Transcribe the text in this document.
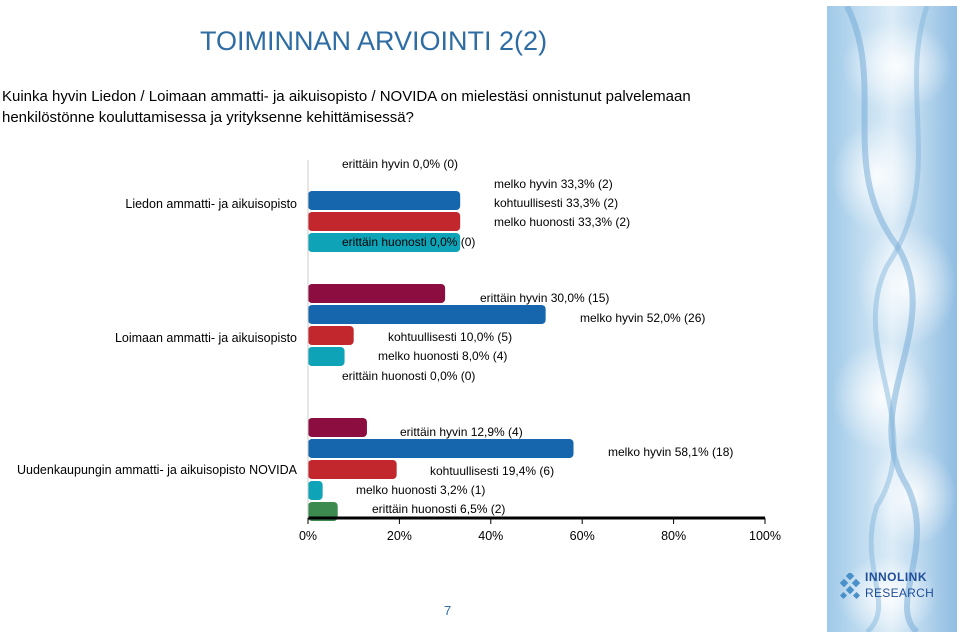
TOIMINNAN ARVIOINTI 2(2)
Kuinka hyvin Liedon / Loimaan ammatti- ja aikuisopisto / NOVIDA on mielestäsi onnistunut palvelemaan henkilöstönne kouluttamisessa ja yrityksenne kehittämisessä?
Liedon ammatti- ja aikuisopisto
erittäin hyvin 0,0% (0)
melko hyvin 33,3% (2)
kohtuullisesti 33,3% (2)
melko huonosti 33,3% (2)
erittäin huonosti 0,0% (0)
Loimaan ammatti- ja aikuisopisto
erittäin hyvin 30,0% (15)
melko hyvin 52,0% (26)
kohtuullisesti 10,0% (5)
melko huonosti 8,0% (4)
erittäin huonosti 0,0% (0)
Uudenkaupungin ammatti- ja aikuisopisto NOVIDA
erittäin hyvin 12,9% (4)
melko hyvin 58,1% (18)
kohtuullisesti 19,4% (6)
melko huonosti 3,2% (1)
erittäin huonosti 6,5% (2)
0%	20%	40%	60%	80%	100%
INNOLINK
RESEARCH
7
